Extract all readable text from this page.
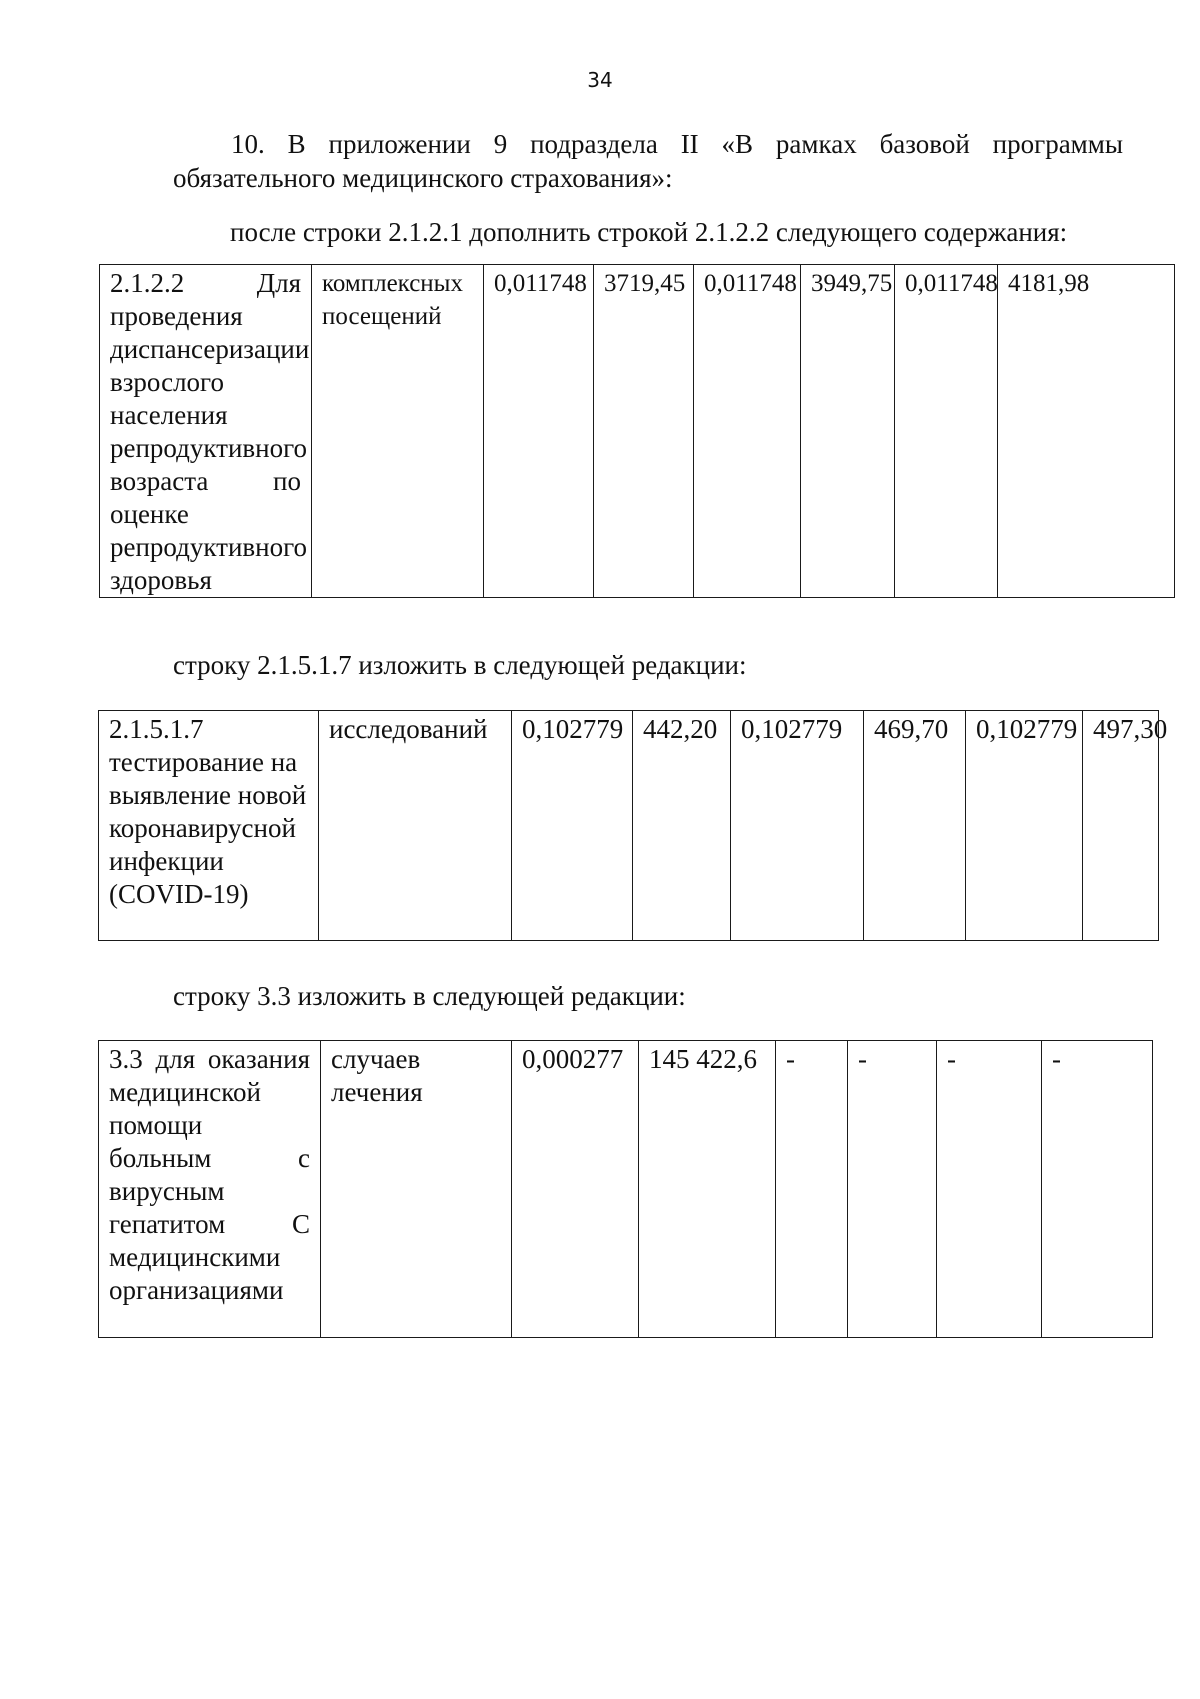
34
10. В приложении 9 подраздела II «В рамках базовой программы
обязательного медицинского страхования»:
после строки 2.1.2.1 дополнить строкой 2.1.2.2 следующего содержания:
2.1.2.2 Для проведения диспансеризации взрослого населения репродуктивного возраста по оценке репродуктивного здоровья	комплексных посещений	0,011748	3719,45	0,011748	3949,75	0,011748	4181,98
строку 2.1.5.1.7 изложить в следующей редакции:
2.1.5.1.7 тестирование на выявление новой коронавирусной инфекции (COVID-19)	исследований	0,102779	442,20	0,102779	469,70	0,102779	497,30
строку 3.3 изложить в следующей редакции:
3.3 для оказания медицинской помощи больным с вирусным гепатитом С медицинскими организациями	случаев лечения	0,000277	145 422,6	-	-	-	-
